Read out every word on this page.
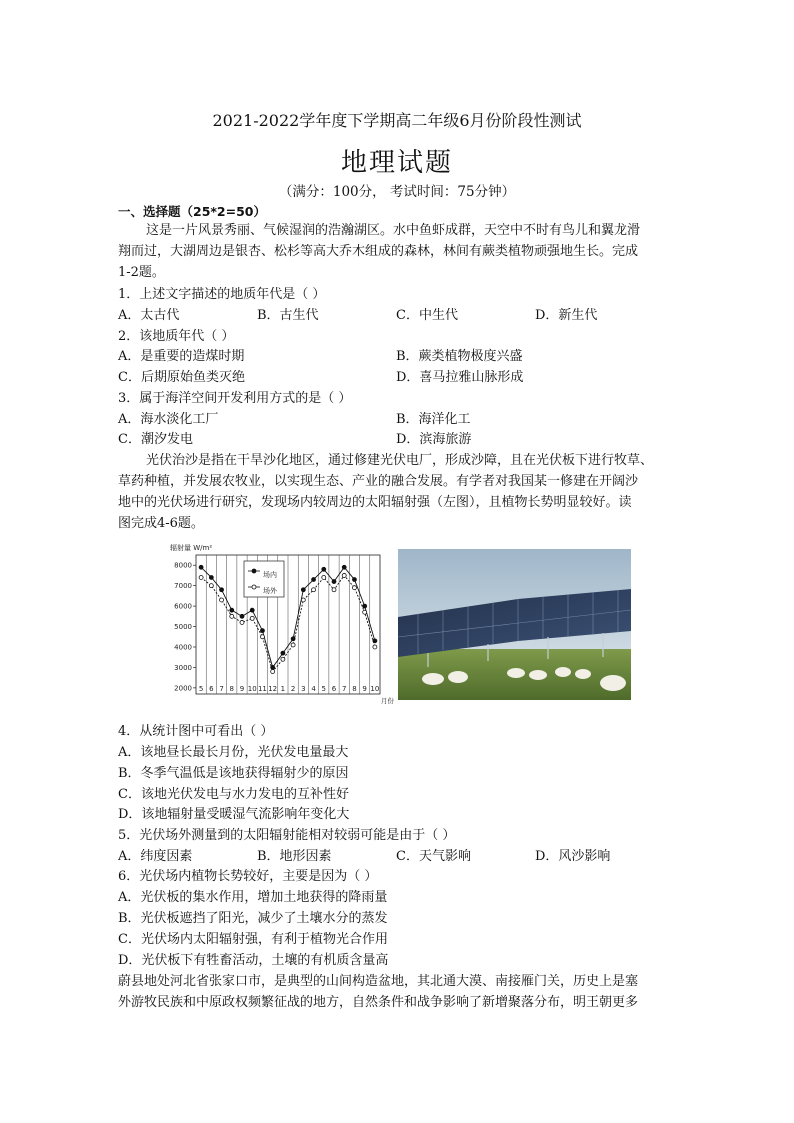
2021-2022学年度下学期高二年级6月份阶段性测试
地理试题
（满分：100分， 考试时间：75分钟）
一、选择题（25*2=50）
这是一片风景秀丽、气候湿润的浩瀚湖区。水中鱼虾成群，天空中不时有鸟儿和翼龙滑
翔而过，大湖周边是银杏、松杉等高大乔木组成的森林，林间有蕨类植物顽强地生长。完成
1-2题。
1．上述文字描述的地质年代是（ ）
A．太古代	B．古生代	C．中生代	D．新生代
2．该地质年代（ ）
A．是重要的造煤时期	B．蕨类植物极度兴盛
C．后期原始鱼类灭绝	D．喜马拉雅山脉形成
3．属于海洋空间开发利用方式的是（ ）
A．海水淡化工厂	B．海洋化工
C．潮汐发电	D．滨海旅游
光伏治沙是指在干旱沙化地区，通过修建光伏电厂，形成沙障，且在光伏板下进行牧草、
草药种植，并发展农牧业，以实现生态、产业的融合发展。有学者对我国某一修建在开阔沙
地中的光伏场进行研究，发现场内较周边的太阳辐射强（左图），且植物长势明显较好。读
图完成4-6题。
辐射量 W/m²
2000
3000
4000
5000
6000
7000
8000
5 6 7 8 9 10 11 12 1 2 3 4 5 6 7 8 9 10
月份
场内
场外
4．从统计图中可看出（ ）
A．该地昼长最长月份，光伏发电量最大
B．冬季气温低是该地获得辐射少的原因
C．该地光伏发电与水力发电的互补性好
D．该地辐射量受暖湿气流影响年变化大
5．光伏场外测量到的太阳辐射能相对较弱可能是由于（ ）
A．纬度因素	B．地形因素	C．天气影响	D．风沙影响
6．光伏场内植物长势较好，主要是因为（ ）
A．光伏板的集水作用，增加土地获得的降雨量
B．光伏板遮挡了阳光，减少了土壤水分的蒸发
C．光伏场内太阳辐射强，有利于植物光合作用
D．光伏板下有牲畜活动，土壤的有机质含量高
蔚县地处河北省张家口市，是典型的山间构造盆地，其北通大漠、南接雁门关，历史上是塞
外游牧民族和中原政权频繁征战的地方，自然条件和战争影响了新增聚落分布，明王朝更多
